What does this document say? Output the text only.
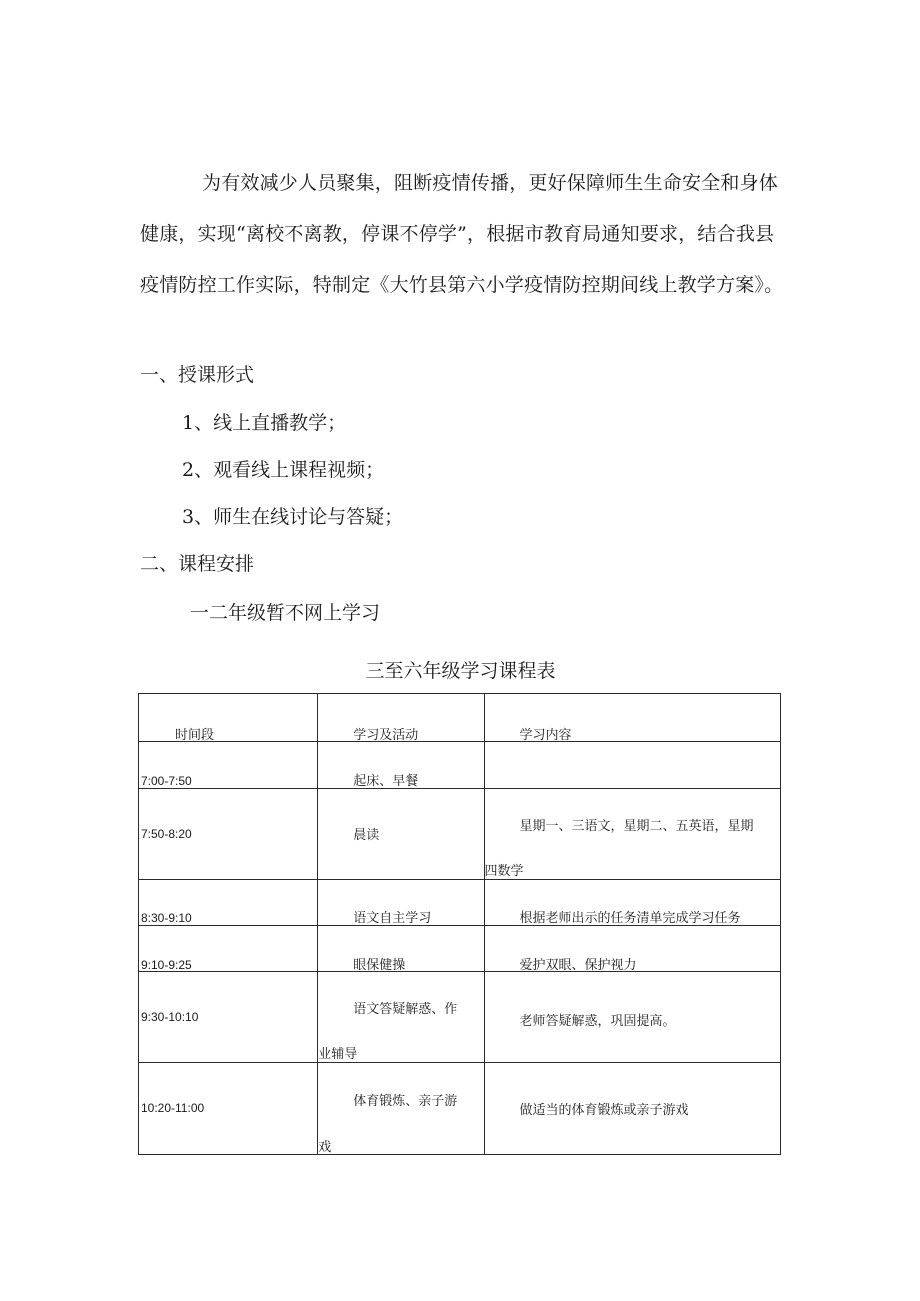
为有效减少人员聚集，阻断疫情传播，更好保障师生生命安全和身体健康，实现“离校不离教，停课不停学”，根据市教育局通知要求，结合我县疫情防控工作实际，特制定《大竹县第六小学疫情防控期间线上教学方案》。

一、授课形式

1、线上直播教学；

2、观看线上课程视频；

3、师生在线讨论与答疑；

二、课程安排

一二年级暂不网上学习

三至六年级学习课程表

时间段	学习及活动	学习内容

7:00-7:50	起床、早餐	

7:50-8:20	晨读	星期一、三语文，星期二、五英语，星期
四数学

8:30-9:10	语文自主学习	根据老师出示的任务清单完成学习任务

9:10-9:25	眼保健操	爱护双眼、保护视力

9:30-10:10	语文答疑解惑、作
业辅导	老师答疑解惑，巩固提高。

10:20-11:00	体育锻炼、亲子游
戏	做适当的体育锻炼或亲子游戏
